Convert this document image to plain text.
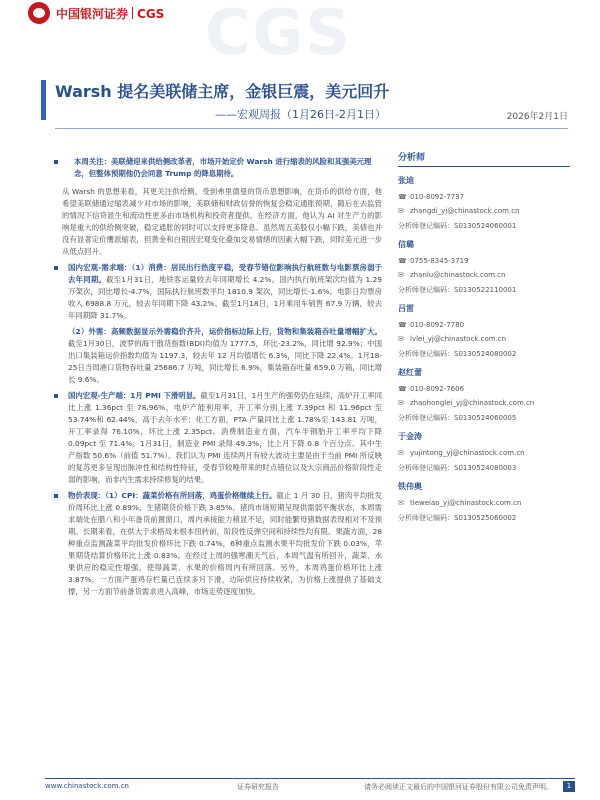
中国银河证券 CGS CGS
Warsh 提名美联储主席，金银巨震，美元回升
——宏观周报（1月26日-2月1日）	2026年2月1日
本周关注：美联储迎来供给侧改革者，市场开始定价 Warsh 进行缩表的风险和其强美元理念，但整体预期他仍会同意 Trump 的降息期待。
从 Warsh 的思想来看，其更关注供给侧，受到弗里德曼的货币思想影响，在货币的供给方面，他希望美联储通过缩表减少对市场的影响，美联储和财政信誉的恢复会稳定通胀预期，随后在去监管的情况下信贷派生和流动性更多由市场机构和投资者提供。在经济方面，他认为 AI 对生产力的影响是重大的供给侧突破，稳定通胀的同时可以支持更多降息。虽然周五美股仅小幅下跌，美债也并没有显著定价鹰派缩表，但黄金和白银因宏观变化叠加交易情绪的因素大幅下跌，同时美元进一步从低点回升。
国内宏观-需求端：（1）消费：居民出行热度平稳，受春节错位影响执行航班数与电影票房弱于去年同期。截至1月31日，地铁客运量较去年同期增长 4.2%。国内执行航班架次均值为 1.29 万架次，同比增长-4.7%，国际执行航班数平均 1810.9 架次，同比增长-1.6%。电影日均票房收入 6988.8 万元，较去年同期下降 43.2%。截至1月18日，1月乘用车销售 67.9 万辆，较去年同期降 31.7%。
（2）外需：高频数据显示外需稳价齐升，运价指标边际上行，货物和集装箱吞吐量增幅扩大。截至1月30日，波罗的海干散货指数(BDI)均值为 1777.5，环比-23.2%，同比增 92.9%；中国出口集装箱运价指数均值为 1197.3，较去年 12 月均值增长 6.3%，同比下降 22.4%。1月18-25日当周港口货物吞吐量 25686.7 万吨，同比增长 6.9%，集装箱吞吐量 659.0 万箱，同比增长 9.6%。
国内宏观-生产端：1月 PMI 下滑明显。截至1月31日，1月生产的强势仍在延续，高炉开工率同比上涨 1.36pct 至 78.96%，电炉产能利用率，开工率分别上涨 7.39pct 和 11.96pct 至 53.74%和 62.44%，高于去年水平；化工方面，PTA 产量同比上涨 1.78%至 143.81 万吨，开工率录得 76.10%，环比上涨 2.35pct。消费制造业方面，汽车半钢胎开工率平均下降 0.09pct 至 71.4%。1月31日，制造业 PMI 录得 49.3%，比上月下降 0.8 个百分点。其中生产指数 50.6%（前值 51.7%）。我们认为 PMI 连续两月有较大波动主要是由于当前 PMI 所反映的复苏更多呈现出脉冲性和结构性特征，受春节较晚带来的时点错位以及大宗商品价格阶段性走弱的影响，而非内生需求持续修复的结果。
物价表现：（1）CPI：蔬菜价格有所回落，鸡蛋价格继续上行。截止 1 月 30 日，猪肉平均批发价周环比上涨 0.89%，生猪期货价格下跌 3.85%。猪肉市场短期呈现供需弱平衡状态，本周需求端处在腊八和小年备货前置窗口，周内承接能力稍显不足，同时能繁母猪数据表现相对不及预期。长期来看，在供大于求格局未根本扭转前，阶段性反弹空间和持续性均有限。果蔬方面，28种重点监测蔬菜平均批发价格环比下跌 0.74%，6种重点监测水果平均批发价下跌 0.03%，苹果期货结算价格环比上涨 0.83%。在经过上周的强寒潮天气后，本周气温有所回升，蔬菜、水果供应的稳定性增强，使得蔬菜、水果的价格周内有所回落。另外，本周鸡蛋价格环比上涨 3.87%，一方面产蛋鸡存栏量已连续多月下滑，边际供应持续收紧，为价格上涨提供了基础支撑，另一方面节前备货需求进入高峰，市场走势逐度加快。
分析师
张迪
☎ 010-8092-7737
✉ zhangdi_yj@chinastock.com.cn
分析师登记编码：S0130524060001
信璐
☎ 0755-8345-3719
✉ zhanlu@chinastock.com.cn
分析师登记编码：S0130522110001
吕雷
☎ 010-8092-7780
✉ lvlei_yj@chinastock.com.cn
分析师登记编码：S0130524080002
赵红蕾
☎ 010-8092-7606
✉ zhaohonglei_yj@chinastock.com.cn
分析师登记编码：S0130524060005
于金涛
✉ yujintong_yj@chinastock.com.cn
分析师登记编码：S0130524080003
铁伟奥
✉ tieweiao_yj@chinastock.com.cn
分析师登记编码：S0130525060002
www.chinastock.com.cn	证券研究报告	请务必阅读正文最后的中国银河证券股份有限公司免责声明。	1
